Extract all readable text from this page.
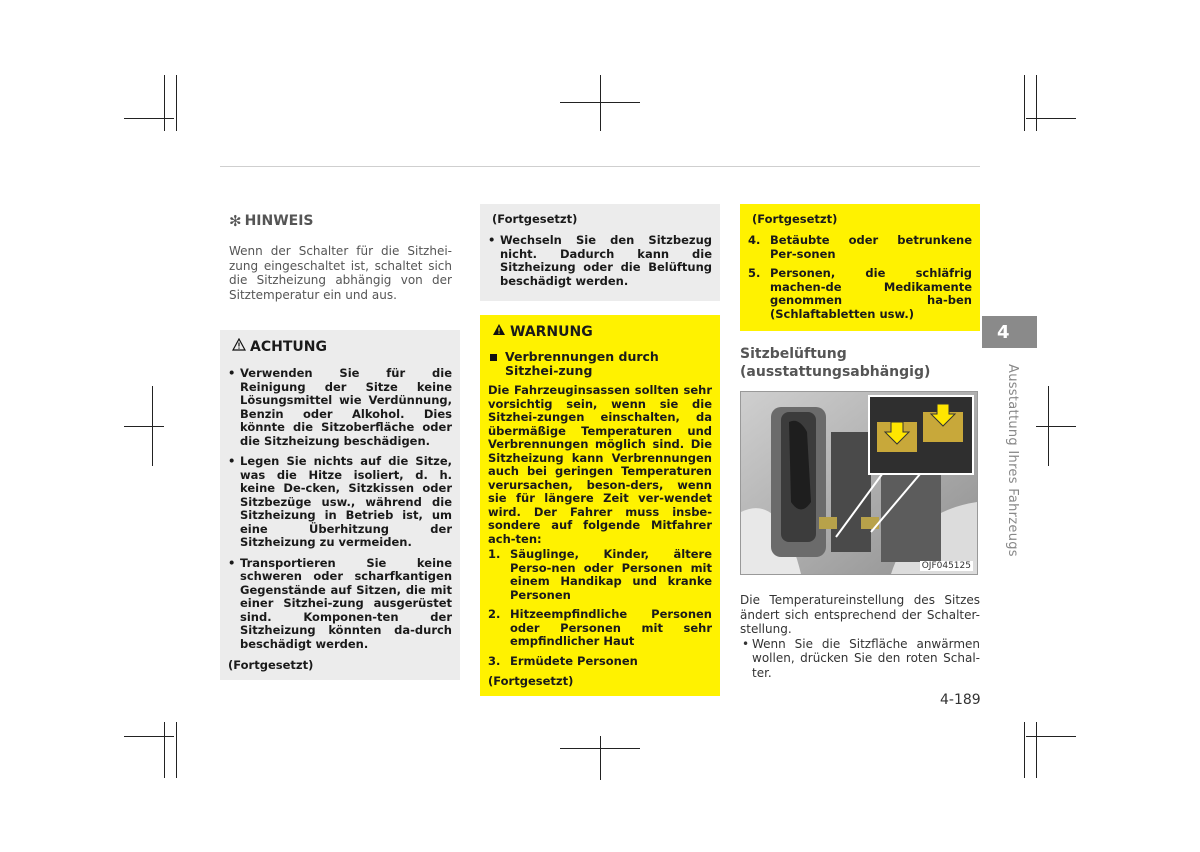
✻ HINWEIS
Wenn der Schalter für die Sitzhei-zung eingeschaltet ist, schaltet sich die Sitzheizung abhängig von der Sitztemperatur ein und aus.
ACHTUNG
• Verwenden Sie für die Reinigung der Sitze keine Lösungsmittel wie Verdünnung, Benzin oder Alkohol. Dies könnte die Sitzoberfläche oder die Sitzheizung beschädigen.
• Legen Sie nichts auf die Sitze, was die Hitze isoliert, d. h. keine De-cken, Sitzkissen oder Sitzbezüge usw., während die Sitzheizung in Betrieb ist, um eine Überhitzung der Sitzheizung zu vermeiden.
• Transportieren Sie keine schweren oder scharfkantigen Gegenstände auf Sitzen, die mit einer Sitzhei-zung ausgerüstet sind. Komponen-ten der Sitzheizung könnten da-durch beschädigt werden.
(Fortgesetzt)
(Fortgesetzt)
• Wechseln Sie den Sitzbezug nicht. Dadurch kann die Sitzheizung oder die Belüftung beschädigt werden.
WARNUNG
Verbrennungen durch Sitzhei-zung
Die Fahrzeuginsassen sollten sehr vorsichtig sein, wenn sie die Sitzhei-zungen einschalten, da übermäßige Temperaturen und Verbrennungen möglich sind. Die Sitzheizung kann Verbrennungen auch bei geringen Temperaturen verursachen, beson-ders, wenn sie für längere Zeit ver-wendet wird. Der Fahrer muss insbe-sondere auf folgende Mitfahrer ach-ten:
1. Säuglinge, Kinder, ältere Perso-nen oder Personen mit einem Handikap und kranke Personen
2. Hitzeempfindliche Personen oder Personen mit sehr empfindlicher Haut
3. Ermüdete Personen
(Fortgesetzt)
(Fortgesetzt)
4. Betäubte oder betrunkene Per-sonen
5. Personen, die schläfrig machen-de Medikamente genommen ha-ben (Schlaftabletten usw.)
Sitzbelüftung
(ausstattungsabhängig)
OJF045125
Die Temperatureinstellung des Sitzes ändert sich entsprechend der Schalter-stellung.
• Wenn Sie die Sitzfläche anwärmen wollen, drücken Sie den roten Schal-ter.
4
Ausstattung Ihres Fahrzeugs
4-189
